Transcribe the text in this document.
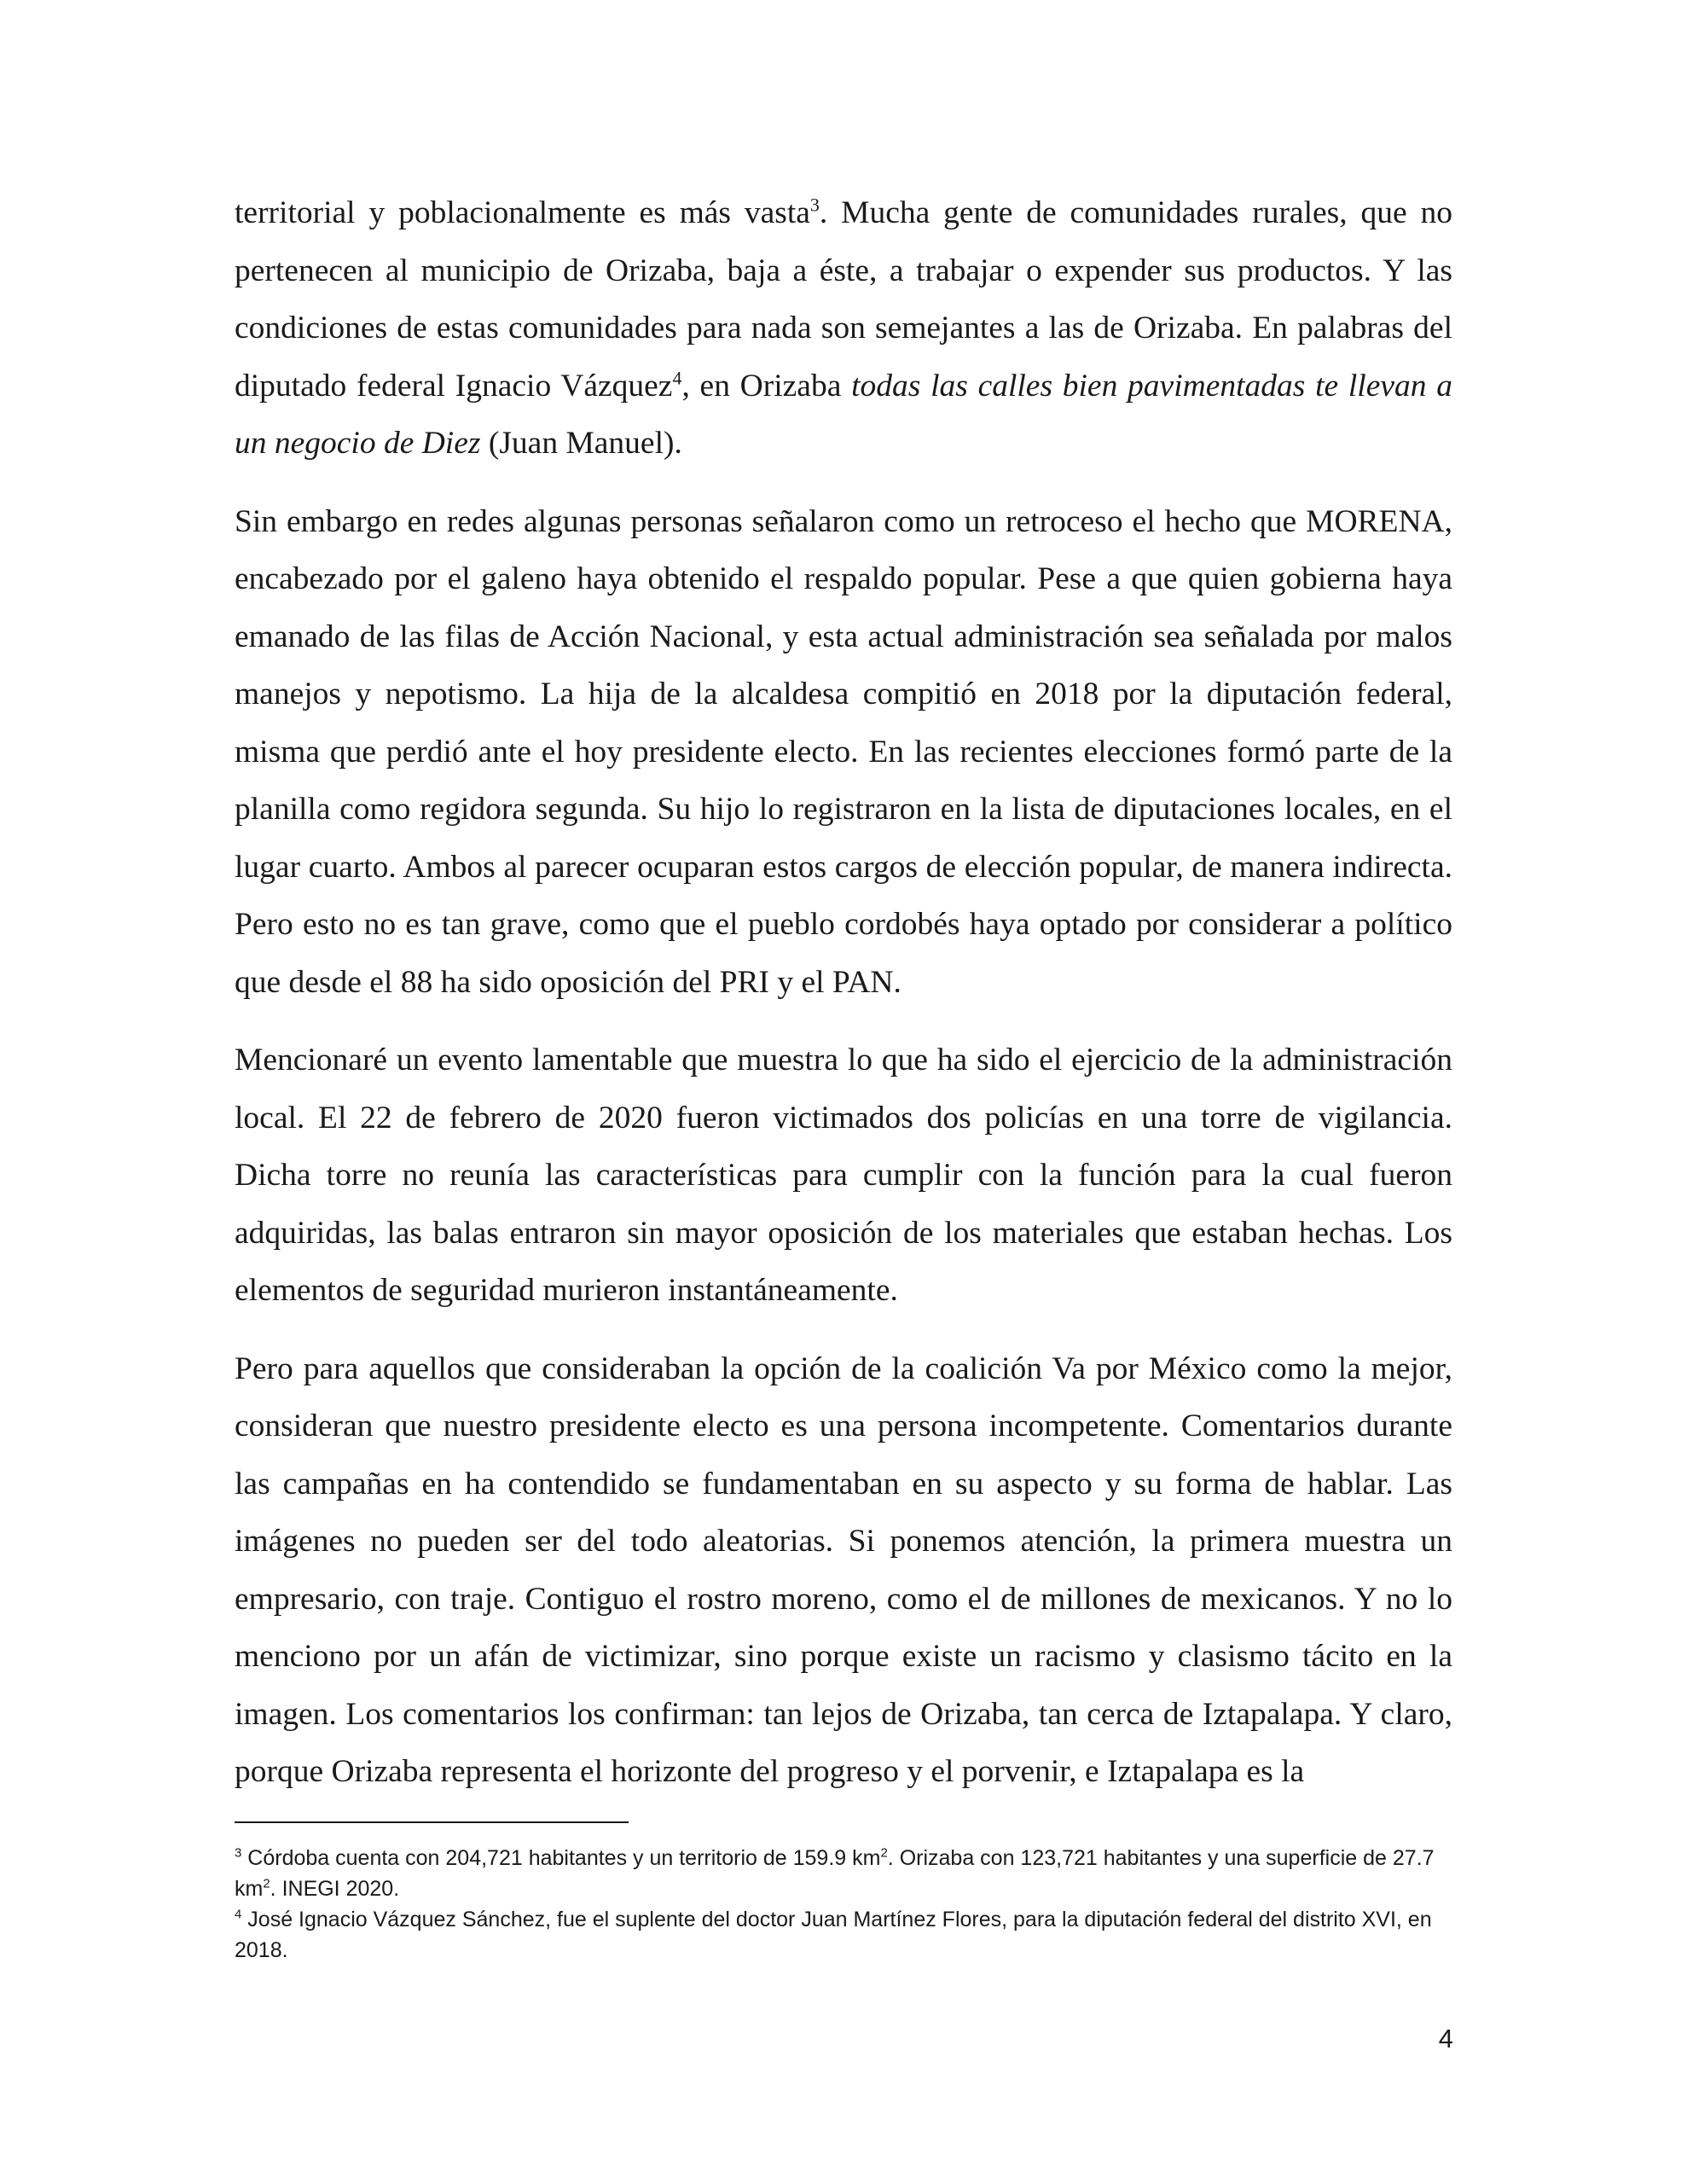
territorial y poblacionalmente es más vasta$^3$. Mucha gente de comunidades rurales, que no pertenecen al municipio de Orizaba, baja a éste, a trabajar o expender sus productos. Y las condiciones de estas comunidades para nada son semejantes a las de Orizaba. En palabras del diputado federal Ignacio Vázquez$^4$, en Orizaba todas las calles bien pavimentadas te llevan a un negocio de Diez (Juan Manuel).

Sin embargo en redes algunas personas señalaron como un retroceso el hecho que MORENA, encabezado por el galeno haya obtenido el respaldo popular. Pese a que quien gobierna haya emanado de las filas de Acción Nacional, y esta actual administración sea señalada por malos manejos y nepotismo. La hija de la alcaldesa compitió en 2018 por la diputación federal, misma que perdió ante el hoy presidente electo. En las recientes elecciones formó parte de la planilla como regidora segunda. Su hijo lo registraron en la lista de diputaciones locales, en el lugar cuarto. Ambos al parecer ocuparan estos cargos de elección popular, de manera indirecta. Pero esto no es tan grave, como que el pueblo cordobés haya optado por considerar a político que desde el 88 ha sido oposición del PRI y el PAN.

Mencionaré un evento lamentable que muestra lo que ha sido el ejercicio de la administración local. El 22 de febrero de 2020 fueron victimados dos policías en una torre de vigilancia. Dicha torre no reunía las características para cumplir con la función para la cual fueron adquiridas, las balas entraron sin mayor oposición de los materiales que estaban hechas. Los elementos de seguridad murieron instantáneamente.

Pero para aquellos que consideraban la opción de la coalición Va por México como la mejor, consideran que nuestro presidente electo es una persona incompetente. Comentarios durante las campañas en ha contendido se fundamentaban en su aspecto y su forma de hablar. Las imágenes no pueden ser del todo aleatorias. Si ponemos atención, la primera muestra un empresario, con traje. Contiguo el rostro moreno, como el de millones de mexicanos. Y no lo menciono por un afán de victimizar, sino porque existe un racismo y clasismo tácito en la imagen. Los comentarios los confirman: tan lejos de Orizaba, tan cerca de Iztapalapa. Y claro, porque Orizaba representa el horizonte del progreso y el porvenir, e Iztapalapa es la

$^3$ Córdoba cuenta con 204,721 habitantes y un territorio de 159.9 $km^2$. Orizaba con 123,721 habitantes y una superficie de 27.7 $km^2$. INEGI 2020.

$^4$ José Ignacio Vázquez Sánchez, fue el suplente del doctor Juan Martínez Flores, para la diputación federal del distrito XVI, en 2018.

4
